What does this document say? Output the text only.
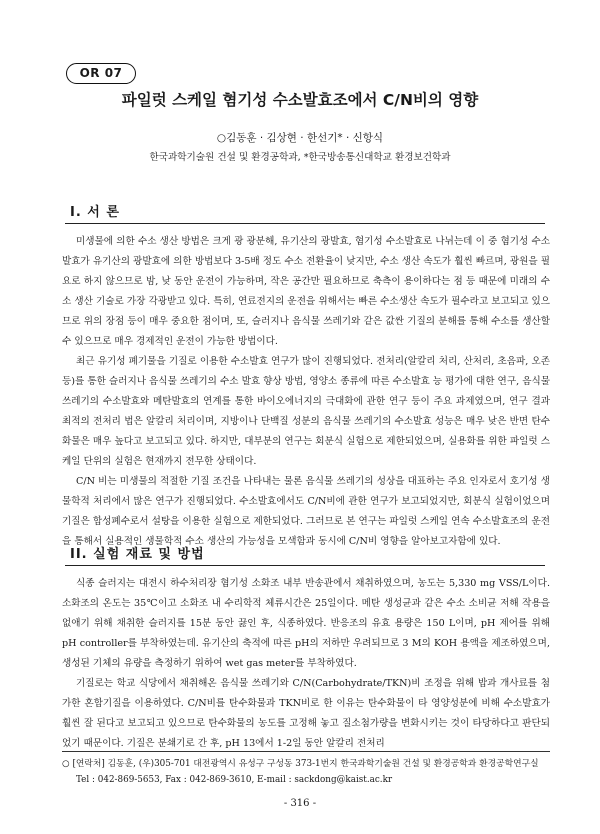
OR 07
파일럿 스케일 혐기성 수소발효조에서 C/N비의 영향
○김동훈 · 김상현 · 한선기* · 신항식
한국과학기술원 건설 및 환경공학과, *한국방송통신대학교 환경보건학과
I. 서 론

미생물에 의한 수소 생산 방법은 크게 광 광분해, 유기산의 광발효, 혐기성 수소발효로 나뉘는데 이 중 혐기성 수소발효가 유기산의 광발효에 의한 방법보다 3-5배 정도 수소 전환율이 낮지만, 수소 생산 속도가 훨씬 빠르며, 광원을 필요로 하지 않으므로 밤, 낮 동안 운전이 가능하며, 작은 공간만 필요하므로 축측이 용이하다는 점 등 때문에 미래의 수소 생산 기술로 가장 각광받고 있다. 특히, 연료전지의 운전을 위해서는 빠른 수소생산 속도가 필수라고 보고되고 있으므로 위의 장점 등이 매우 중요한 점이며, 또, 슬러지나 음식물 쓰레기와 같은 값싼 기질의 분해를 통해 수소를 생산할 수 있으므로 매우 경제적인 운전이 가능한 방법이다.

최근 유기성 폐기물을 기질로 이용한 수소발효 연구가 많이 진행되었다. 전처리(알칼리 처리, 산처리, 초음파, 오존 등)를 통한 슬러지나 음식물 쓰레기의 수소 발효 향상 방법, 영양소 종류에 따른 수소발효 능 평가에 대한 연구, 음식물 쓰레기의 수소발효와 메탄발효의 연계를 통한 바이오에너지의 극대화에 관한 연구 등이 주요 과제였으며, 연구 결과 최적의 전처리 법은 알칼리 처리이며, 지방이나 단백질 성분의 음식물 쓰레기의 수소발효 성능은 매우 낮은 반면 탄수화물은 매우 높다고 보고되고 있다. 하지만, 대부분의 연구는 회분식 실험으로 제한되었으며, 실용화를 위한 파일럿 스케일 단위의 실험은 현재까지 전무한 상태이다.

C/N 비는 미생물의 적절한 기질 조건을 나타내는 물론 음식물 쓰레기의 성상을 대표하는 주요 인자로서 호기성 생물학적 처리에서 많은 연구가 진행되었다. 수소발효에서도 C/N비에 관한 연구가 보고되었지만, 회분식 실험이었으며 기질은 합성폐수로서 설탕을 이용한 실험으로 제한되었다. 그러므로 본 연구는 파일럿 스케일 연속 수소발효조의 운전을 통해서 실용적인 생물학적 수소 생산의 가능성을 모색함과 동시에 C/N비 영향을 알아보고자함에 있다.

II. 실험 재료 및 방법

식종 슬러지는 대전시 하수처리장 혐기성 소화조 내부 반송관에서 채취하였으며, 농도는 5,330 mg VSS/L이다. 소화조의 온도는 35℃이고 소화조 내 수리학적 체류시간은 25일이다. 메탄 생성균과 같은 수소 소비균 저해 작용을 없애기 위해 채취한 슬러지를 15분 동안 끓인 후, 식종하였다. 반응조의 유효 용량은 150 L이며, pH 제어를 위해 pH controller를 부착하였는데. 유기산의 축적에 따른 pH의 저하만 우려되므로 3 M의 KOH 용액을 제조하였으며, 생성된 기체의 유량을 측정하기 위하여 wet gas meter를 부착하였다.

기질로는 학교 식당에서 채취해온 음식물 쓰레기와 C/N(Carbohydrate/TKN)비 조정을 위해 밥과 개사료를 첨가한 혼합기질을 이용하였다. C/N비를 탄수화물과 TKN비로 한 이유는 탄수화물이 타 영양성분에 비해 수소발효가 훨씬 잘 된다고 보고되고 있으므로 탄수화물의 농도를 고정해 놓고 질소첨가량을 변화시키는 것이 타당하다고 판단되었기 때문이다. 기질은 분쇄기로 간 후, pH 13에서 1-2일 동안 알칼리 전처리

○ [연락처] 김동훈, (우)305-701 대전광역시 유성구 구성동 373-1번지 한국과학기술원 건설 및 환경공학과 환경공학연구실
Tel : 042-869-5653, Fax : 042-869-3610, E-mail : sackdong@kaist.ac.kr
- 316 -
